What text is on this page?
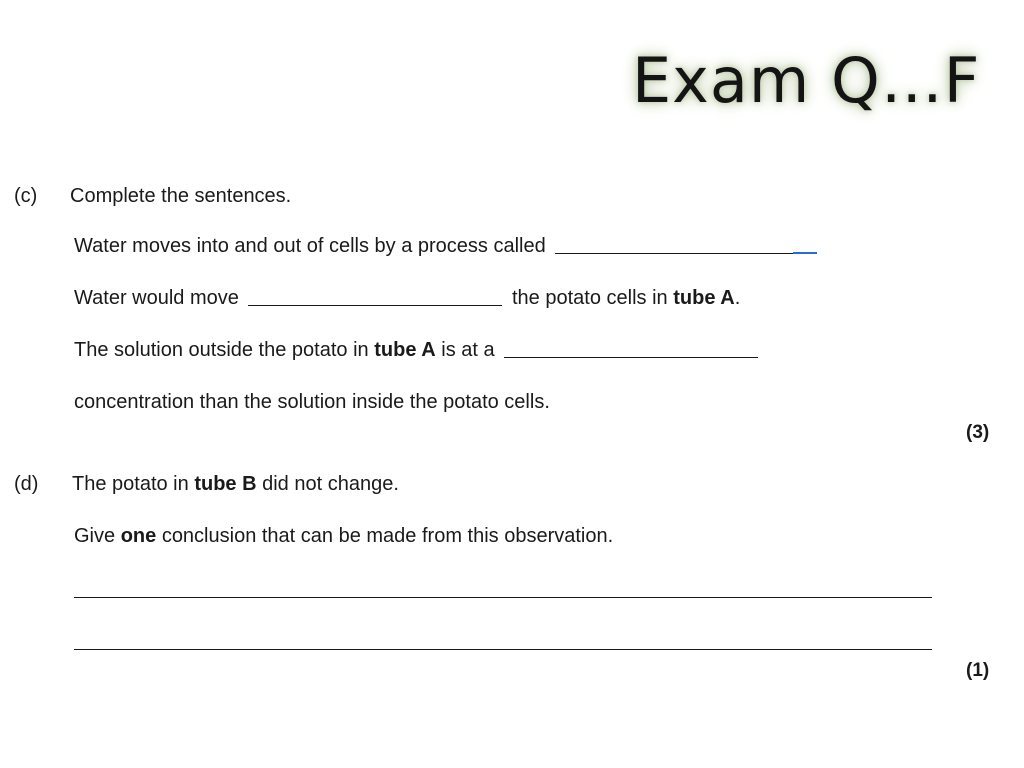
Exam Q…F
(c) Complete the sentences.
Water moves into and out of cells by a process called
Water would move	the potato cells in tube A.
The solution outside the potato in tube A is at a
concentration than the solution inside the potato cells.
(3)
(d) The potato in tube B did not change.
Give one conclusion that can be made from this observation.
(1)
